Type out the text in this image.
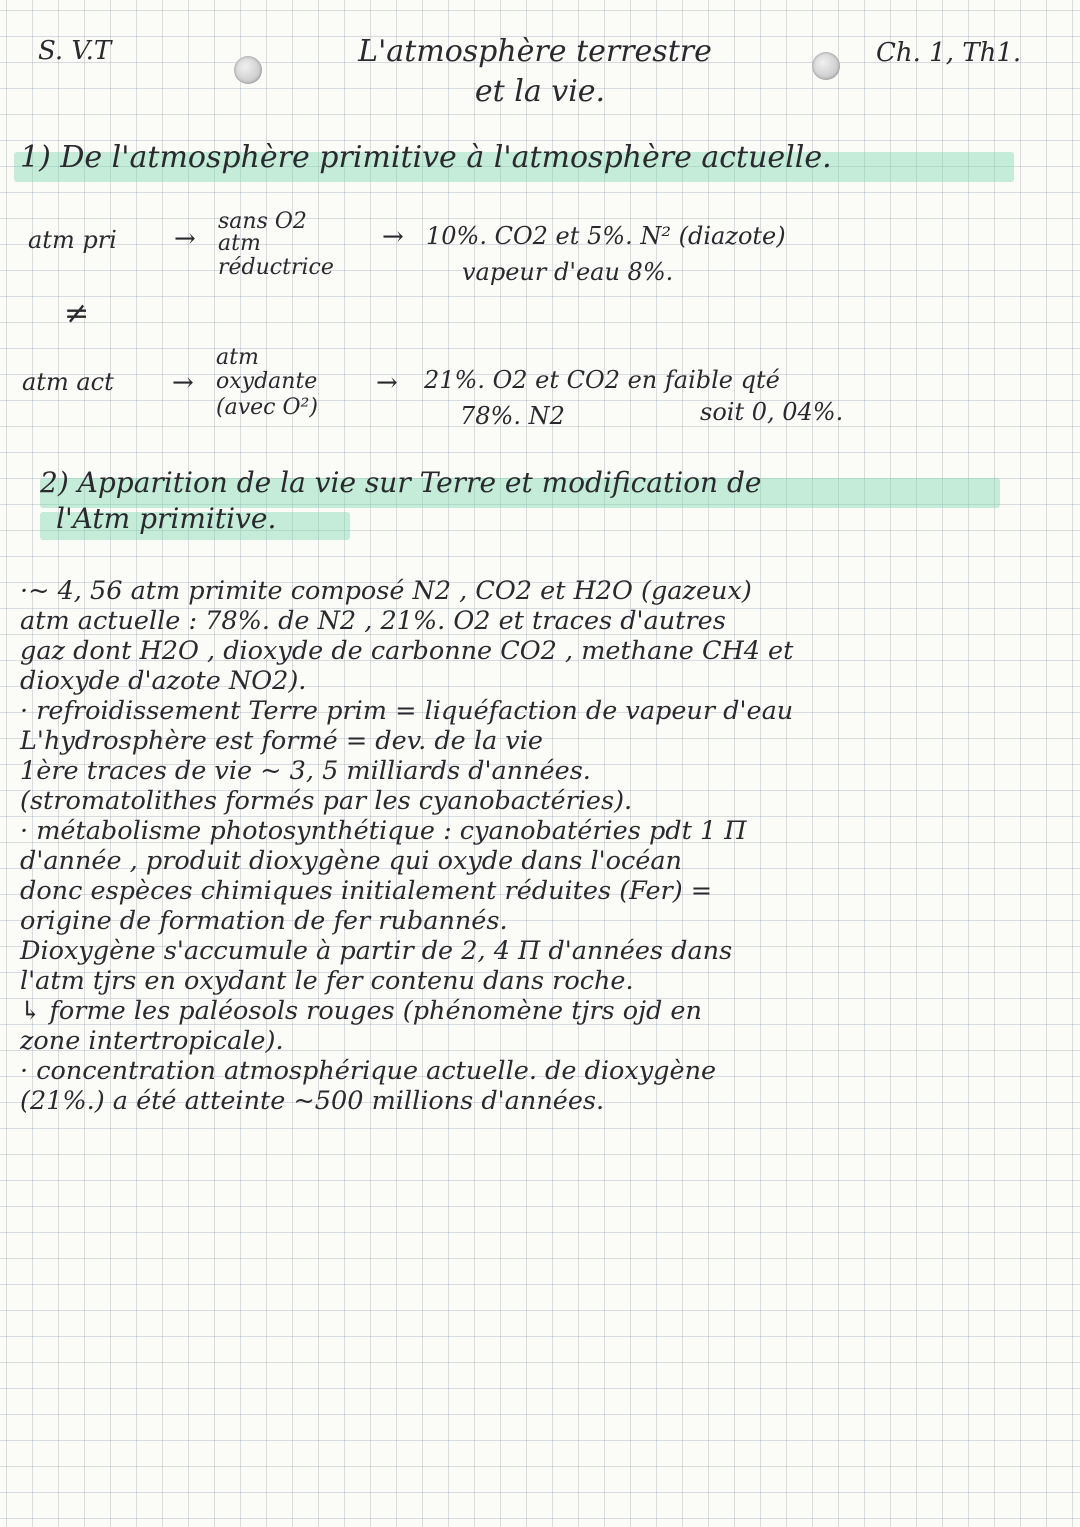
S. V.T	L'atmosphère terrestre
et la vie.
Ch. 1, Th1.
1) De l'atmosphère primitive à l'atmosphère actuelle.
atm pri →
sans O2
atm
réductrice
→ 10%. CO2 et 5%. N² (diazote)
vapeur d'eau 8%.
≠
atm act →
atm
oxydante
(avec O²)
→ 21%. O2 et CO2 en faible qté
78%. N2	soit 0, 04%.
2) Apparition de la vie sur Terre et modification de
l'Atm primitive.

·~ 4, 56 atm primite composé N2 , CO2 et H2O (gazeux)

atm actuelle : 78%. de N2 , 21%. O2 et traces d'autres

gaz dont H2O , dioxyde de carbonne CO2 , methane CH4 et

dioxyde d'azote NO2).

· refroidissement Terre prim = liquéfaction de vapeur d'eau

L'hydrosphère est formé = dev. de la vie

1ère traces de vie ~ 3, 5 milliards d'années.

(stromatolithes formés par les cyanobactéries).

· métabolisme photosynthétique : cyanobatéries pdt 1 Π

d'année , produit dioxygène qui oxyde dans l'océan

donc espèces chimiques initialement réduites (Fer) =

origine de formation de fer rubannés.

Dioxygène s'accumule à partir de 2, 4 Π d'années dans

l'atm tjrs en oxydant le fer contenu dans roche.

↳ forme les paléosols rouges (phénomène tjrs ojd en

zone intertropicale).

· concentration atmosphérique actuelle. de dioxygène

(21%.) a été atteinte ~500 millions d'années.
